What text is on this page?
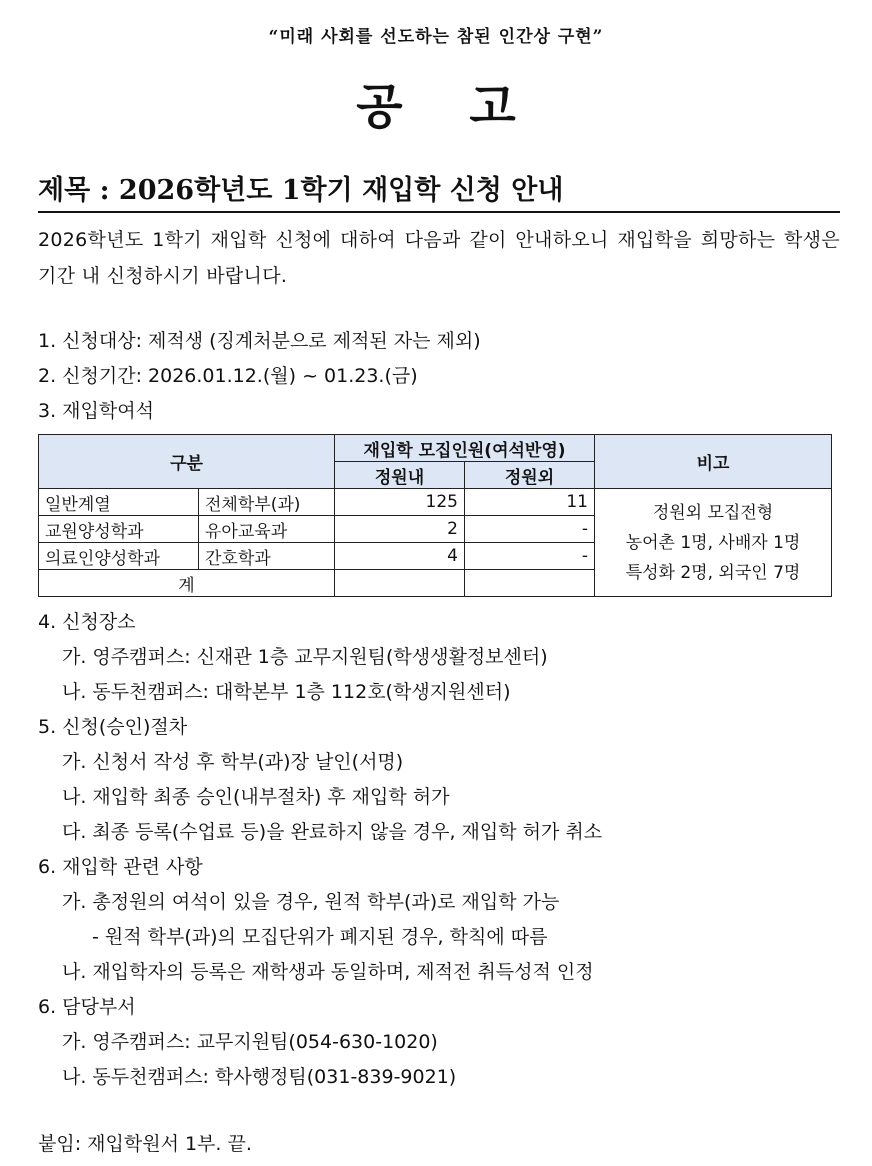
“미래 사회를 선도하는 참된 인간상 구현”
공 고
제목 : 2026학년도 1학기 재입학 신청 안내
2026학년도 1학기 재입학 신청에 대하여 다음과 같이 안내하오니 재입학을 희망하는 학생은 기간 내 신청하시기 바랍니다.
1. 신청대상: 제적생 (징계처분으로 제적된 자는 제외)
2. 신청기간: 2026.01.12.(월) ~ 01.23.(금)
3. 재입학여석
구분		재입학 모집인원(여석반영)		비고
		정원내	정원외	
일반계열	전체학부(과)	125	11	정원외 모집전형
농어촌 1명, 사배자 1명
특성화 2명, 외국인 7명

교원양성학과	유아교육과	2	-	
의료인양성학과	간호학과	4	-	
계				
4. 신청장소
가. 영주캠퍼스: 신재관 1층 교무지원팀(학생생활정보센터)
나. 동두천캠퍼스: 대학본부 1층 112호(학생지원센터)
5. 신청(승인)절차
가. 신청서 작성 후 학부(과)장 날인(서명)
나. 재입학 최종 승인(내부절차) 후 재입학 허가
다. 최종 등록(수업료 등)을 완료하지 않을 경우, 재입학 허가 취소
6. 재입학 관련 사항
가. 총정원의 여석이 있을 경우, 원적 학부(과)로 재입학 가능
- 원적 학부(과)의 모집단위가 폐지된 경우, 학칙에 따름
나. 재입학자의 등록은 재학생과 동일하며, 제적전 취득성적 인정
6. 담당부서
가. 영주캠퍼스: 교무지원팀(054-630-1020)
나. 동두천캠퍼스: 학사행정팀(031-839-9021)
붙임: 재입학원서 1부. 끝.
